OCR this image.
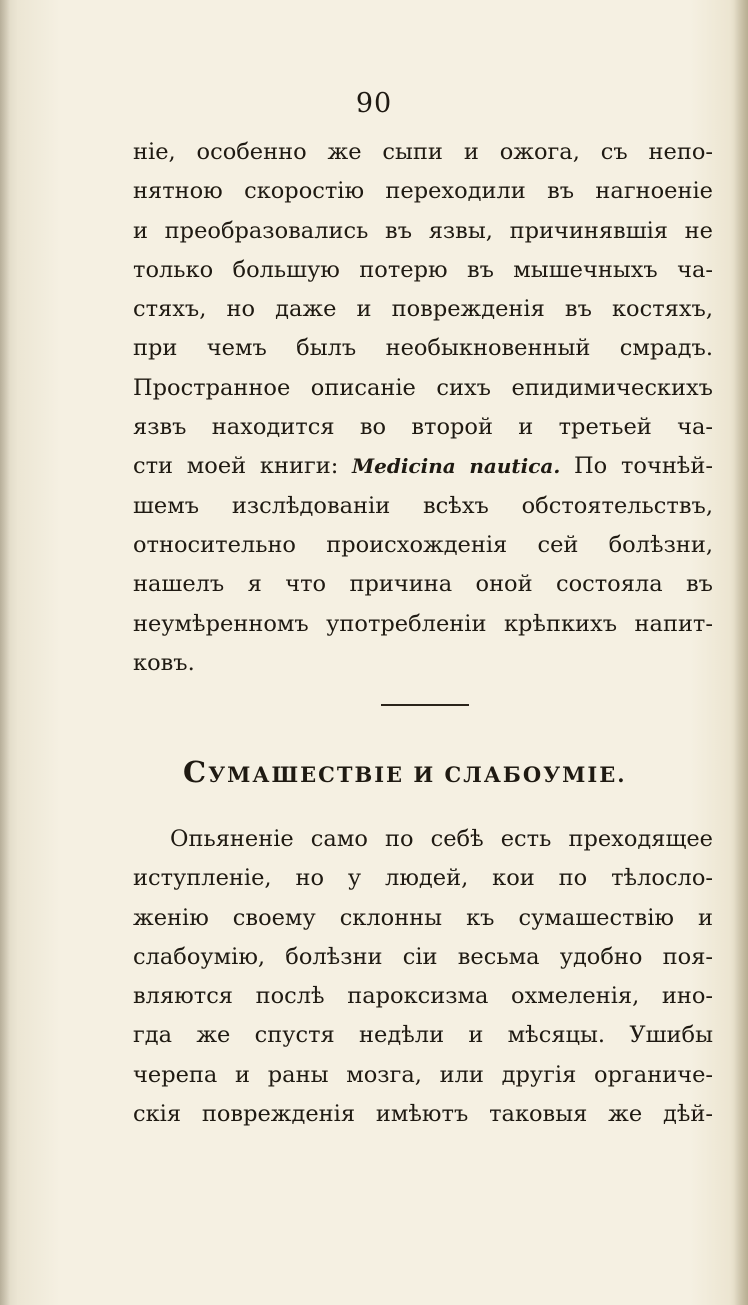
90
ніе, особенно же сыпи и ожога, съ непо-
нятною скоростію переходили въ нагноеніе
и преобразовались въ язвы, причинявшія не
только большую потерю въ мышечныхъ ча-
стяхъ, но даже и поврежденія въ костяхъ,
при чемъ былъ необыкновенный смрадъ.
Пространное описаніе сихъ епидимическихъ
язвъ находится во второй и третьей ча-
сти моей книги: Medicina nautica. По точнѣй-
шемъ изслѣдованіи всѣхъ обстоятельствъ,
относительно происхожденія сей болѣзни,
нашелъ я что причина оной состояла въ
неумѣренномъ употребленіи крѣпкихъ напит-
ковъ.
СУМАШЕСТВІЕ И СЛАБОУМIE.
Опьяненіе само по себѣ есть преходящее
иступленіе, но у людей, кои по тѣлосло-
женію своему склонны къ сумашествію и
слабоумію, болѣзни сіи весьма удобно поя-
вляются послѣ пароксизма охмеленія, ино-
гда же спустя недѣли и мѣсяцы. Ушибы
черепа и раны мозга, или другія органиче-
скія поврежденія имѣютъ таковыя же дѣй-
